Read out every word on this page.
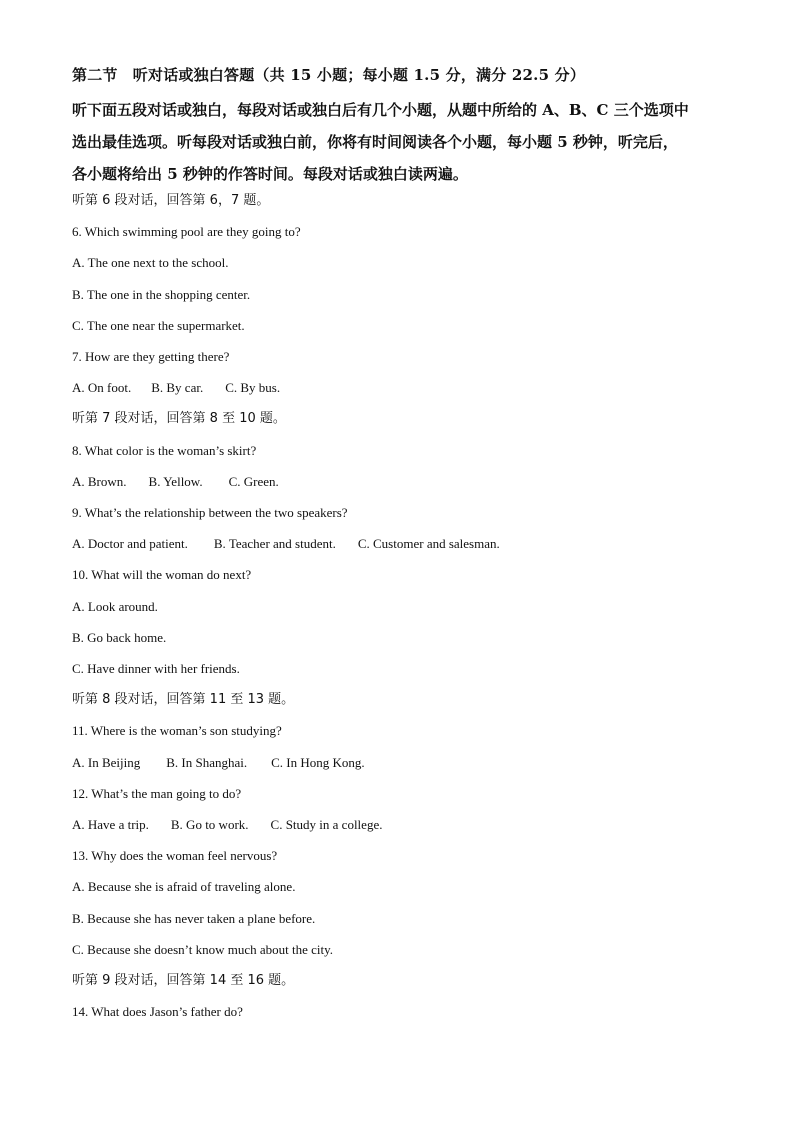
第二节　听对话或独白答题（共 15 小题；每小题 1.5 分，满分 22.5 分）
听下面五段对话或独白，每段对话或独白后有几个小题，从题中所给的 A、B、C 三个选项中
选出最佳选项。听每段对话或独白前，你将有时间阅读各个小题，每小题 5 秒钟，听完后，
各小题将给出 5 秒钟的作答时间。每段对话或独白读两遍。
听第 6 段对话，回答第 6，7 题。
6. Which swimming pool are they going to?
A. The one next to the school.
B. The one in the shopping center.
C. The one near the supermarket.
7. How are they getting there?
A. On foot. B. By car. C. By bus.
听第 7 段对话，回答第 8 至 10 题。
8. What color is the woman’s skirt?
A. Brown. B. Yellow. C. Green.
9. What’s the relationship between the two speakers?
A. Doctor and patient. B. Teacher and student. C. Customer and salesman.
10. What will the woman do next?
A. Look around.
B. Go back home.
C. Have dinner with her friends.
听第 8 段对话，回答第 11 至 13 题。
11. Where is the woman’s son studying?
A. In Beijing B. In Shanghai. C. In Hong Kong.
12. What’s the man going to do?
A. Have a trip. B. Go to work. C. Study in a college.
13. Why does the woman feel nervous?
A. Because she is afraid of traveling alone.
B. Because she has never taken a plane before.
C. Because she doesn’t know much about the city.
听第 9 段对话，回答第 14 至 16 题。
14. What does Jason’s father do?
